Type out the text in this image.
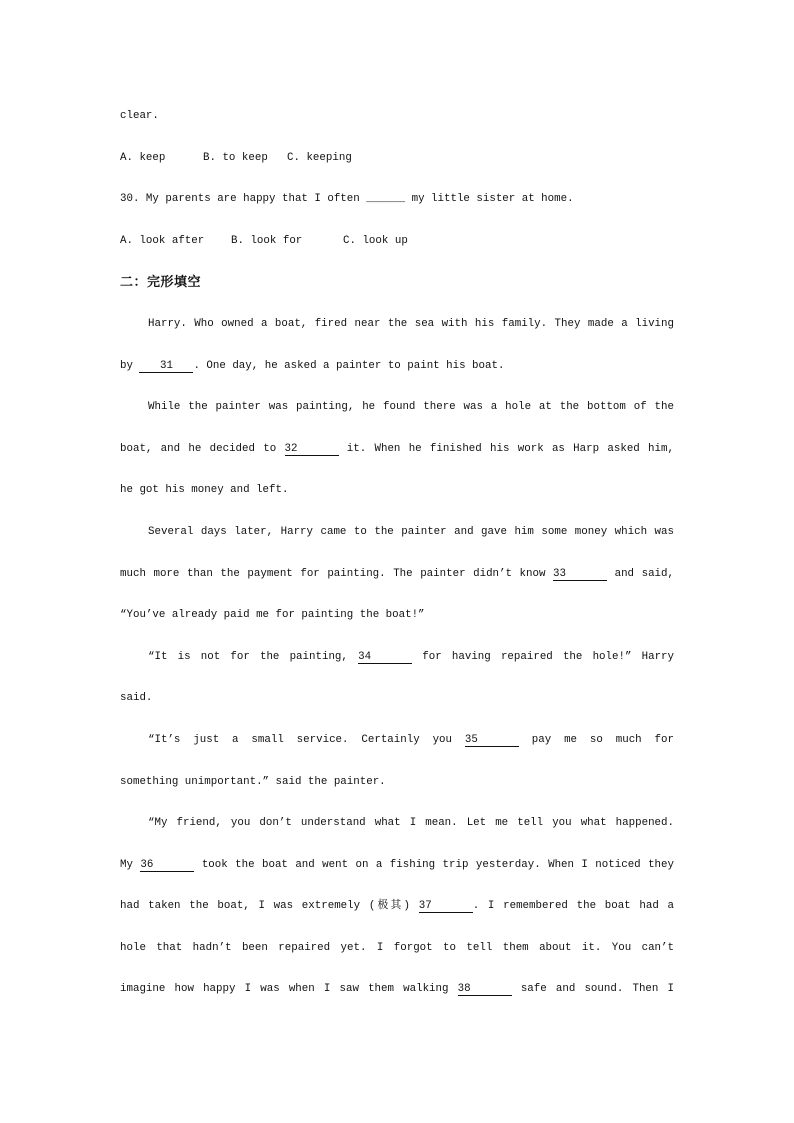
clear.
A. keep	B. to keep C. keeping
30. My parents are happy that I often ______ my little sister at home.
A. look after B. look for	C. look up
二：完形填空
Harry. Who owned a boat, fired near the sea with his family. They made a living
by	31 . One day, he asked a painter to paint his boat.
While the painter was painting, he found there was a hole at the bottom of the
boat, and he decided to 32	it. When he finished his work as Harp asked him,
he got his money and left.
Several days later, Harry came to the painter and gave him some money which was
much more than the payment for painting. The painter didn’t know 33	and said,
“You’ve already paid me for painting the boat!”
“It is not for the painting, 34	for having repaired the hole!” Harry
said.
“It’s just a small service. Certainly you 35	pay me so much for
something unimportant.” said the painter.
“My friend, you don’t understand what I mean. Let me tell you what happened.
My 36	took the boat and went on a fishing trip yesterday. When I noticed they
had taken the boat, I was extremely (极其) 37	. I remembered the boat had a
hole that hadn’t been repaired yet. I forgot to tell them about it. You can’t
imagine how happy I was when I saw them walking 38	safe and sound. Then I
